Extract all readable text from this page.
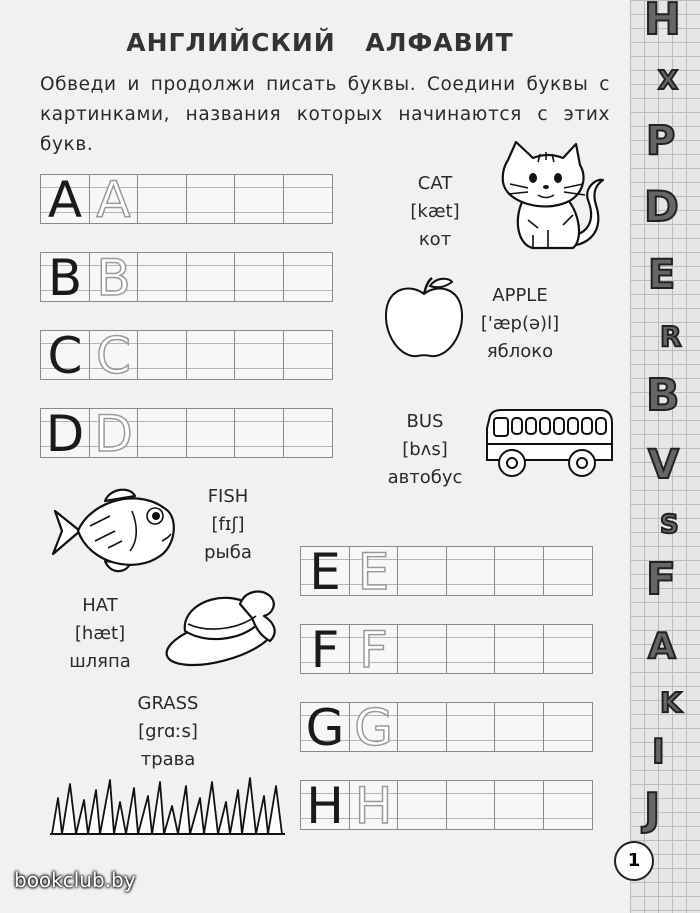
АНГЛИЙСКИЙ АЛФАВИТ
Обведи и продолжи писать буквы. Соедини буквы с картинками, названия которых начинаются с этих букв.
A A
B B
C C
D D
E E
F F
G G
H H
CAT
[kæt]
кот
APPLE
['æp(ə)l]
яблоко
BUS
[bʌs]
автобус
FISH
[fɪʃ]
рыба
HAT
[hæt]
шляпа
GRASS
[grɑːs]
трава
H
X
P
D
E
R
B
V
S
F
A
K
I
J
1
bookclub.by
